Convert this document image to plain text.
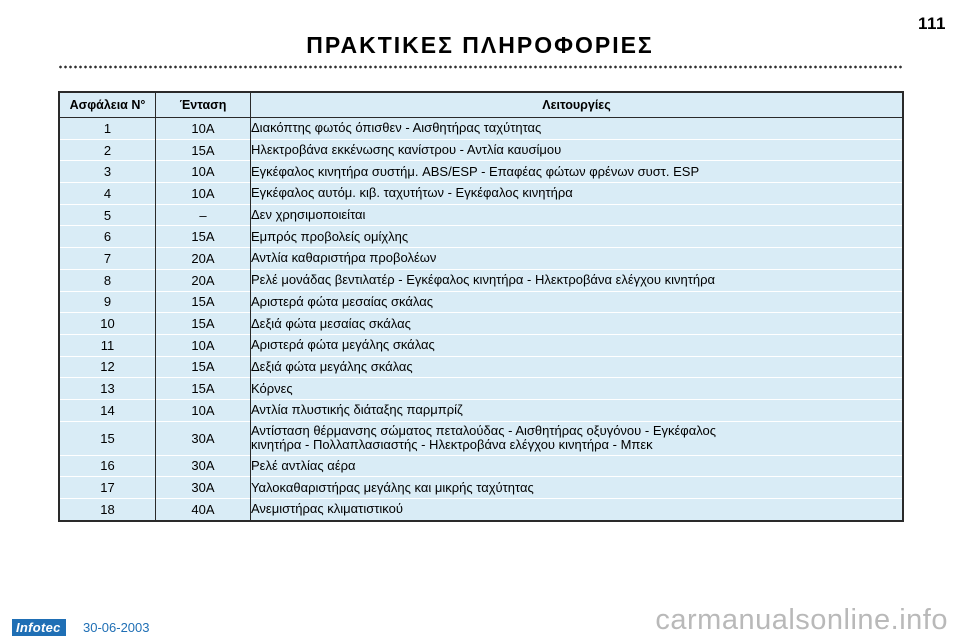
111
ΠΡΑΚΤΙΚΕΣ ΠΛΗΡΟΦΟΡΙΕΣ
Ασφάλεια N°	Ένταση	Λειτουργίες
1	10A	Διακόπτης φωτός όπισθεν - Αισθητήρας ταχύτητας
2	15A	Ηλεκτροβάνα εκκένωσης κανίστρου - Αντλία καυσίμου
3	10A	Εγκέφαλος κινητήρα συστήμ. ABS/ESP - Επαφέας φώτων φρένων συστ. ESP
4	10A	Εγκέφαλος αυτόμ. κιβ. ταχυτήτων - Εγκέφαλος κινητήρα
5	–	Δεν χρησιμοποιείται
6	15A	Εμπρός προβολείς ομίχλης
7	20A	Αντλία καθαριστήρα προβολέων
8	20A	Ρελέ μονάδας βεντιλατέρ - Εγκέφαλος κινητήρα - Ηλεκτροβάνα ελέγχου κινητήρα
9	15A	Αριστερά φώτα μεσαίας σκάλας
10	15A	Δεξιά φώτα μεσαίας σκάλας
11	10A	Αριστερά φώτα μεγάλης σκάλας
12	15A	Δεξιά φώτα μεγάλης σκάλας
13	15A	Κόρνες
14	10A	Αντλία πλυστικής διάταξης παρμπρίζ
15	30A	Αντίσταση θέρμανσης σώματος πεταλούδας - Αισθητήρας οξυγόνου - Εγκέφαλος
κινητήρα - Πολλαπλασιαστής - Ηλεκτροβάνα ελέγχου κινητήρα - Μπεκ

16	30A	Ρελέ αντλίας αέρα
17	30A	Υαλοκαθαριστήρας μεγάλης και μικρής ταχύτητας
18	40A	Ανεμιστήρας κλιματιστικού
Infotec	30-06-2003	carmanualsonline.info
